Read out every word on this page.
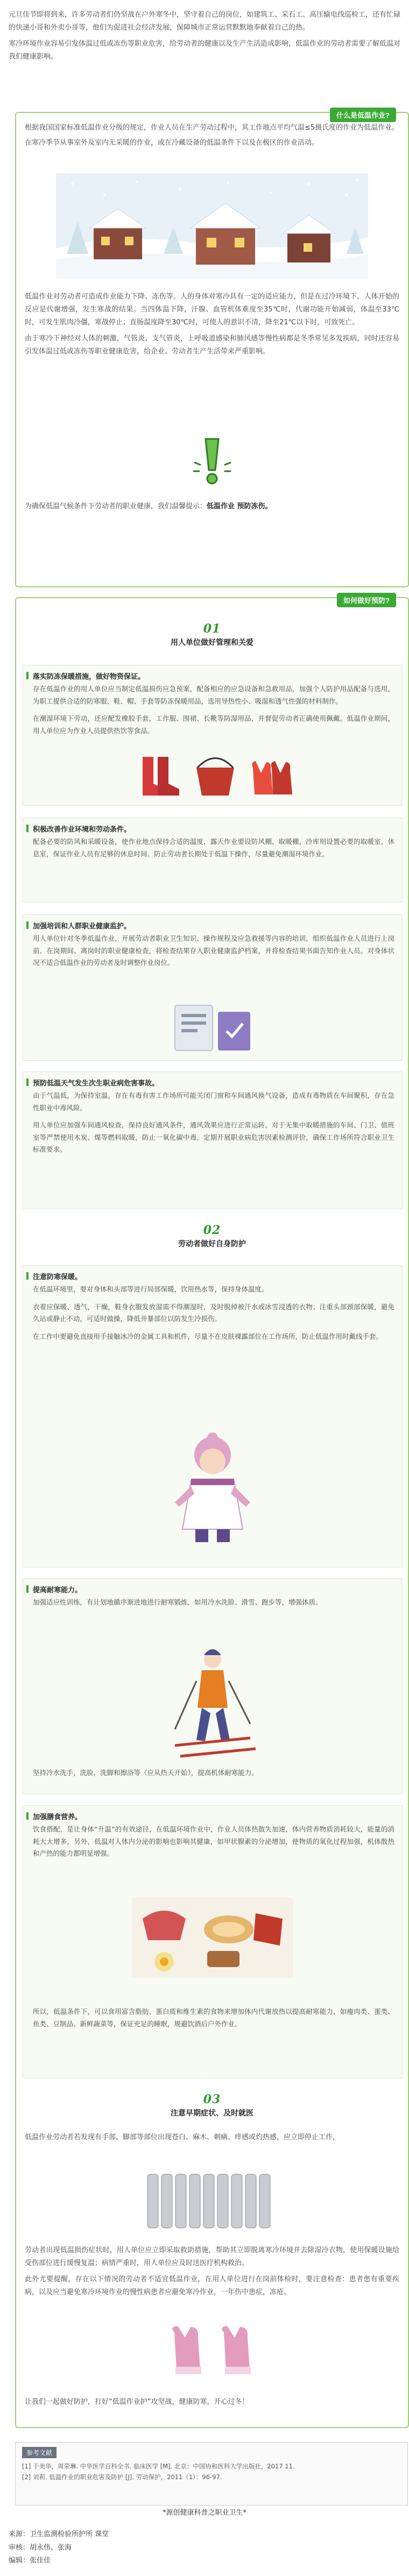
元旦佳节即将到来，许多劳动者们仍坚战在户外寒冬中，坚守着自己的岗位，如建筑工、采石工、高压输电线巡检工，还有忙碌的快递小哥和外卖小哥等，他们为促进社会经济发展，保障城市正常运营默默地奉献着自己的热。

寒冷环境作业容易引发体温过低或冻伤等职业危害，给劳动者的健康以及生产生活造成影响，低温作业的劳动者需要了解低温对我们健康影响。

什么是低温作业?

根据我国国家标准低温作业分级的规定，作业人员在生产劳动过程中，其工作地点平均气温≤5摄氏度的作业为低温作业。

在寒冷季节从事室外及室内无采暖的作业，或在冷藏设备的低温条件下以及在极区的作业活动。

低温作业对劳动者可造成作业能力下降、冻伤等。人的身体对寒冷具有一定的适应能力，但是在过冷环境下，人体开始的反应是代谢增强，发生寒战的结果。当四体温下降，汗腺、血管机体难度至35℃时，代谢功能开始减弱，体温至33℃时，可发生肌肉冷僵，寒战停止；直肠温度降至30℃时，可使人的意识不清，降至21℃以下时，可致死亡。

由于寒冷下神经对人体的刺激，气管炎、支气管炎，上呼吸道感染和肺风感等慢性病都是冬季常见多发疾病，同时还容易引发体温过低或冻伤等职业健康危害，给企业、劳动者生产生活带来严重影响。

为确保低温气候条件下劳动者的职业健康，我们温馨提示：低温作业 预防冻伤。

如何做好预防?
01
用人单位做好管理和关爱
落实防冻保暖措施，做好物资保证。
存在低温作业的用人单位应当制定低温损伤应急预案，配备相应的应急设备和急救用品，加强个人防护用品配备与选用，为职工提供合适的防寒服、鞋、帽、手套等防冻保暖用品，选用导热性小、吸湿和透气性强的材料制作。
在潮湿环境下劳动，还应配发橡胶手套，工作服、围裙、长靴等防湿用品，并督促劳动者正确使用佩戴。低温作业期间，用人单位应为作业人员提供热饮等食品。
积极改善作业环境和劳动条件。
配备必要的防风和采暖设备，使作业地点保持合适的温度，露天作业要设防风棚、取暖棚，冷库则设置必要的取暖室，休息室，保证作业人员有足够的休息时间。防止劳动者长期处于低温下操作，尽量避免潮湿环境作业。
加强培训和人群职业健康监护。
用人单位针对冬季低温作业，开展劳动者职业卫生知识、操作规程及应急救援等内容的培训，组织低温作业人员进行上岗前、在岗期间、离岗时的职业健康检查，将检查结果存入职业健康监护档案，并将检查结果书面告知作业人员。对身体状况不适合低温作业的劳动者及时调整作业岗位。
预防低温天气发生次生职业病危害事故。
由于气温低，为保持室温，存在有毒有害工作场所可能关闭门窗和车间通风换气设备，造成有毒物质在车间聚积，存在急性职业中毒风险。
用人单位应加强车间通风检查，保持良好通风条件，通风效果应进行正常运转。对于无集中取暖措施的车间、门卫、值班室等严禁使用木炭、煤等燃料取暖，防止一氧化碳中毒。定期开展职业病危害因素检测评价，确保工作场所符合职业卫生标准要求。
02
劳动者做好自身防护
注意防寒保暖。
在低温环境里，要对身体和头部等进行局部保暖，饮用热水等，保持身体温度。
衣着应保暖、透气，干燥，鞋身衣服发放湿需不得潮湿时，及时脱掉被汗水或冰雪浸透的衣物；注重头部颈部保暖，避免久站或静止不动，可适时做操，降低并暴部位以防发生冷损伤。
在工作中要避免直接用手接触冰冷的金属工具和机件，尽量不在皮肤裸露部位在工作场所，防止低温作用时戴线手套。
提高耐寒能力。
加强适应性训练，有计划地循序渐进地进行耐寒锻炼，如用冷水洗脸、滑雪、跑步等，增强体质。
坚持冷水洗手，洗脸，洗脚和擦浴等（应从热天开始），提高机体耐寒能力。
加强膳食营养。
饮食搭配，是让身体“升温”的有效途径，在低温环境作业中，作业人员体热散失加速，体内营养物质消耗较大，能量的消耗大大增多，另外，低温对人体内分泌的影响也影响其健康，如甲状腺素的分泌增加，使物质的氧化过程加强，机体散热和产热的能力都明显增强。
所以，低温条件下，可以食用富含脂肪、蛋白质和维生素的食物来增加体内代谢放热以提高耐寒能力，如瘦肉类、蛋类、鱼类、豆制品、新鲜蔬菜等，保证充足的睡眠，规避饮酒后户外作业。
03
注意早期症状、及时就医

低温作业劳动者若发现有手部、脚部等部位出现苍白、麻木、刺痛、痒感或灼热感，应立即停止工作，

劳动者出现低温损伤症状时，用人单位应立即采取救助措施，帮助其立即脱离寒冷环境并去除湿冷衣物，使用保暖设施给受伤部位进行缓慢复温；病情严重时，用人单位应及时送医疗机构救治。

此外尤要提醒，存在以下情况的劳动者不适宜低温作业，在用人单位进行在岗前体检时，要注意检查：患者患有重要疾病，以及应当避免寒冷环境作业的慢性病患者应避免寒冷作业，一年伤中患症，冻疮。

让我们一起做好防护，打好“低温作业护”攻坚战，健康防寒，开心过冬！

参考文献
[1] 于美华，周荣琳. 中华医学百科全书. 临床医学 [M]. 北京：中国协和医科大学出版社，2017.11.
[2] 刘莉. 低温作业的职业危害及防护 [J]. 劳动保护，2011（1）：96-97.
*源创健康科普之职业卫生*
来源：卫生监测检验所护所 课堂
审核：胡永伟、张海
编辑：张佳佳
